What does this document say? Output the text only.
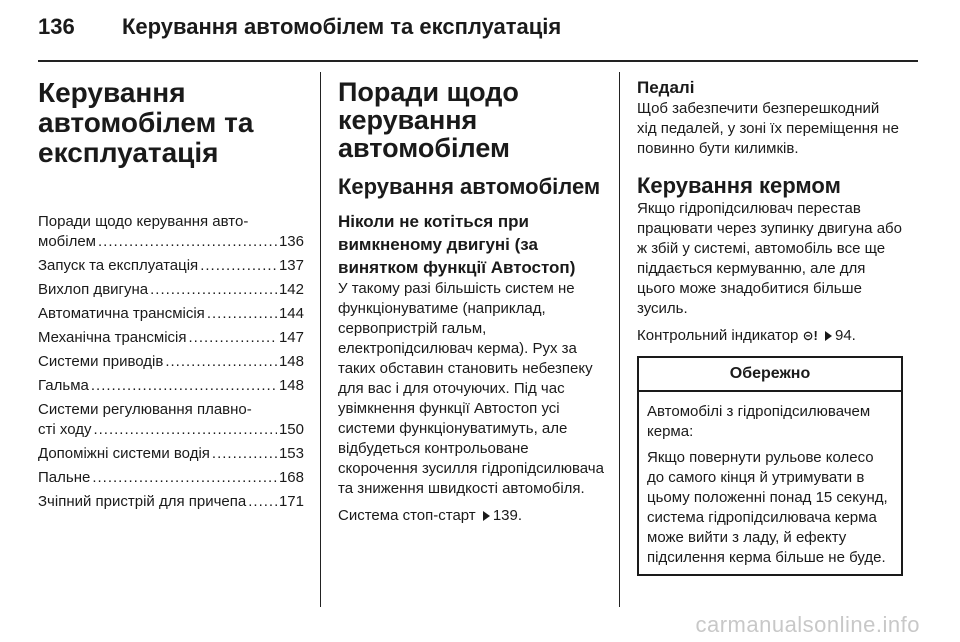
136 Керування автомобілем та експлуатація
Керування автомобілем та експлуатація
Поради щодо керування авто-
мобілем .....	136
Запуск та експлуатація .....	137
Вихлоп двигуна .....	142
Автоматична трансмісія .....	144
Механічна трансмісія .....	147
Системи приводів .....	148
Гальма .....	148
Системи регулювання плавно-
сті ходу .....	150
Допоміжні системи водія .....	153
Пальне .....	168
Зчіпний пристрій для причепа ..... 171
Поради щодо керування автомобілем
Керування автомобілем
Ніколи не котіться при вимкненому двигуні (за винятком функції Автостоп)
У такому разі більшість систем не функціонуватиме (наприклад, сервопристрій гальм, електропідсилювач керма). Рух за таких обставин становить небезпеку для вас і для оточуючих. Під час увімкнення функції Автостоп усі системи функціонуватимуть, але відбудеться контрольоване скорочення зусилля гідропідсилювача та зниження швидкості автомобіля.
Система стоп-старт 139.
Педалі
Щоб забезпечити безперешкодний хід педалей, у зоні їх переміщення не повинно бути килимків.
Керування кермом
Якщо гідропідсилювач перестав працювати через зупинку двигуна або ж збій у системі, автомобіль все ще піддається кермуванню, але для цього може знадобитися більше зусиль.
Контрольний індикатор ⊝! 94.
Обережно
Автомобілі з гідропідсилювачем керма:
Якщо повернути рульове колесо до самого кінця й утримувати в цьому положенні понад 15 секунд, система гідропідсилювача керма може вийти з ладу, й ефекту підсилення керма більше не буде.
carmanualsonline.info
